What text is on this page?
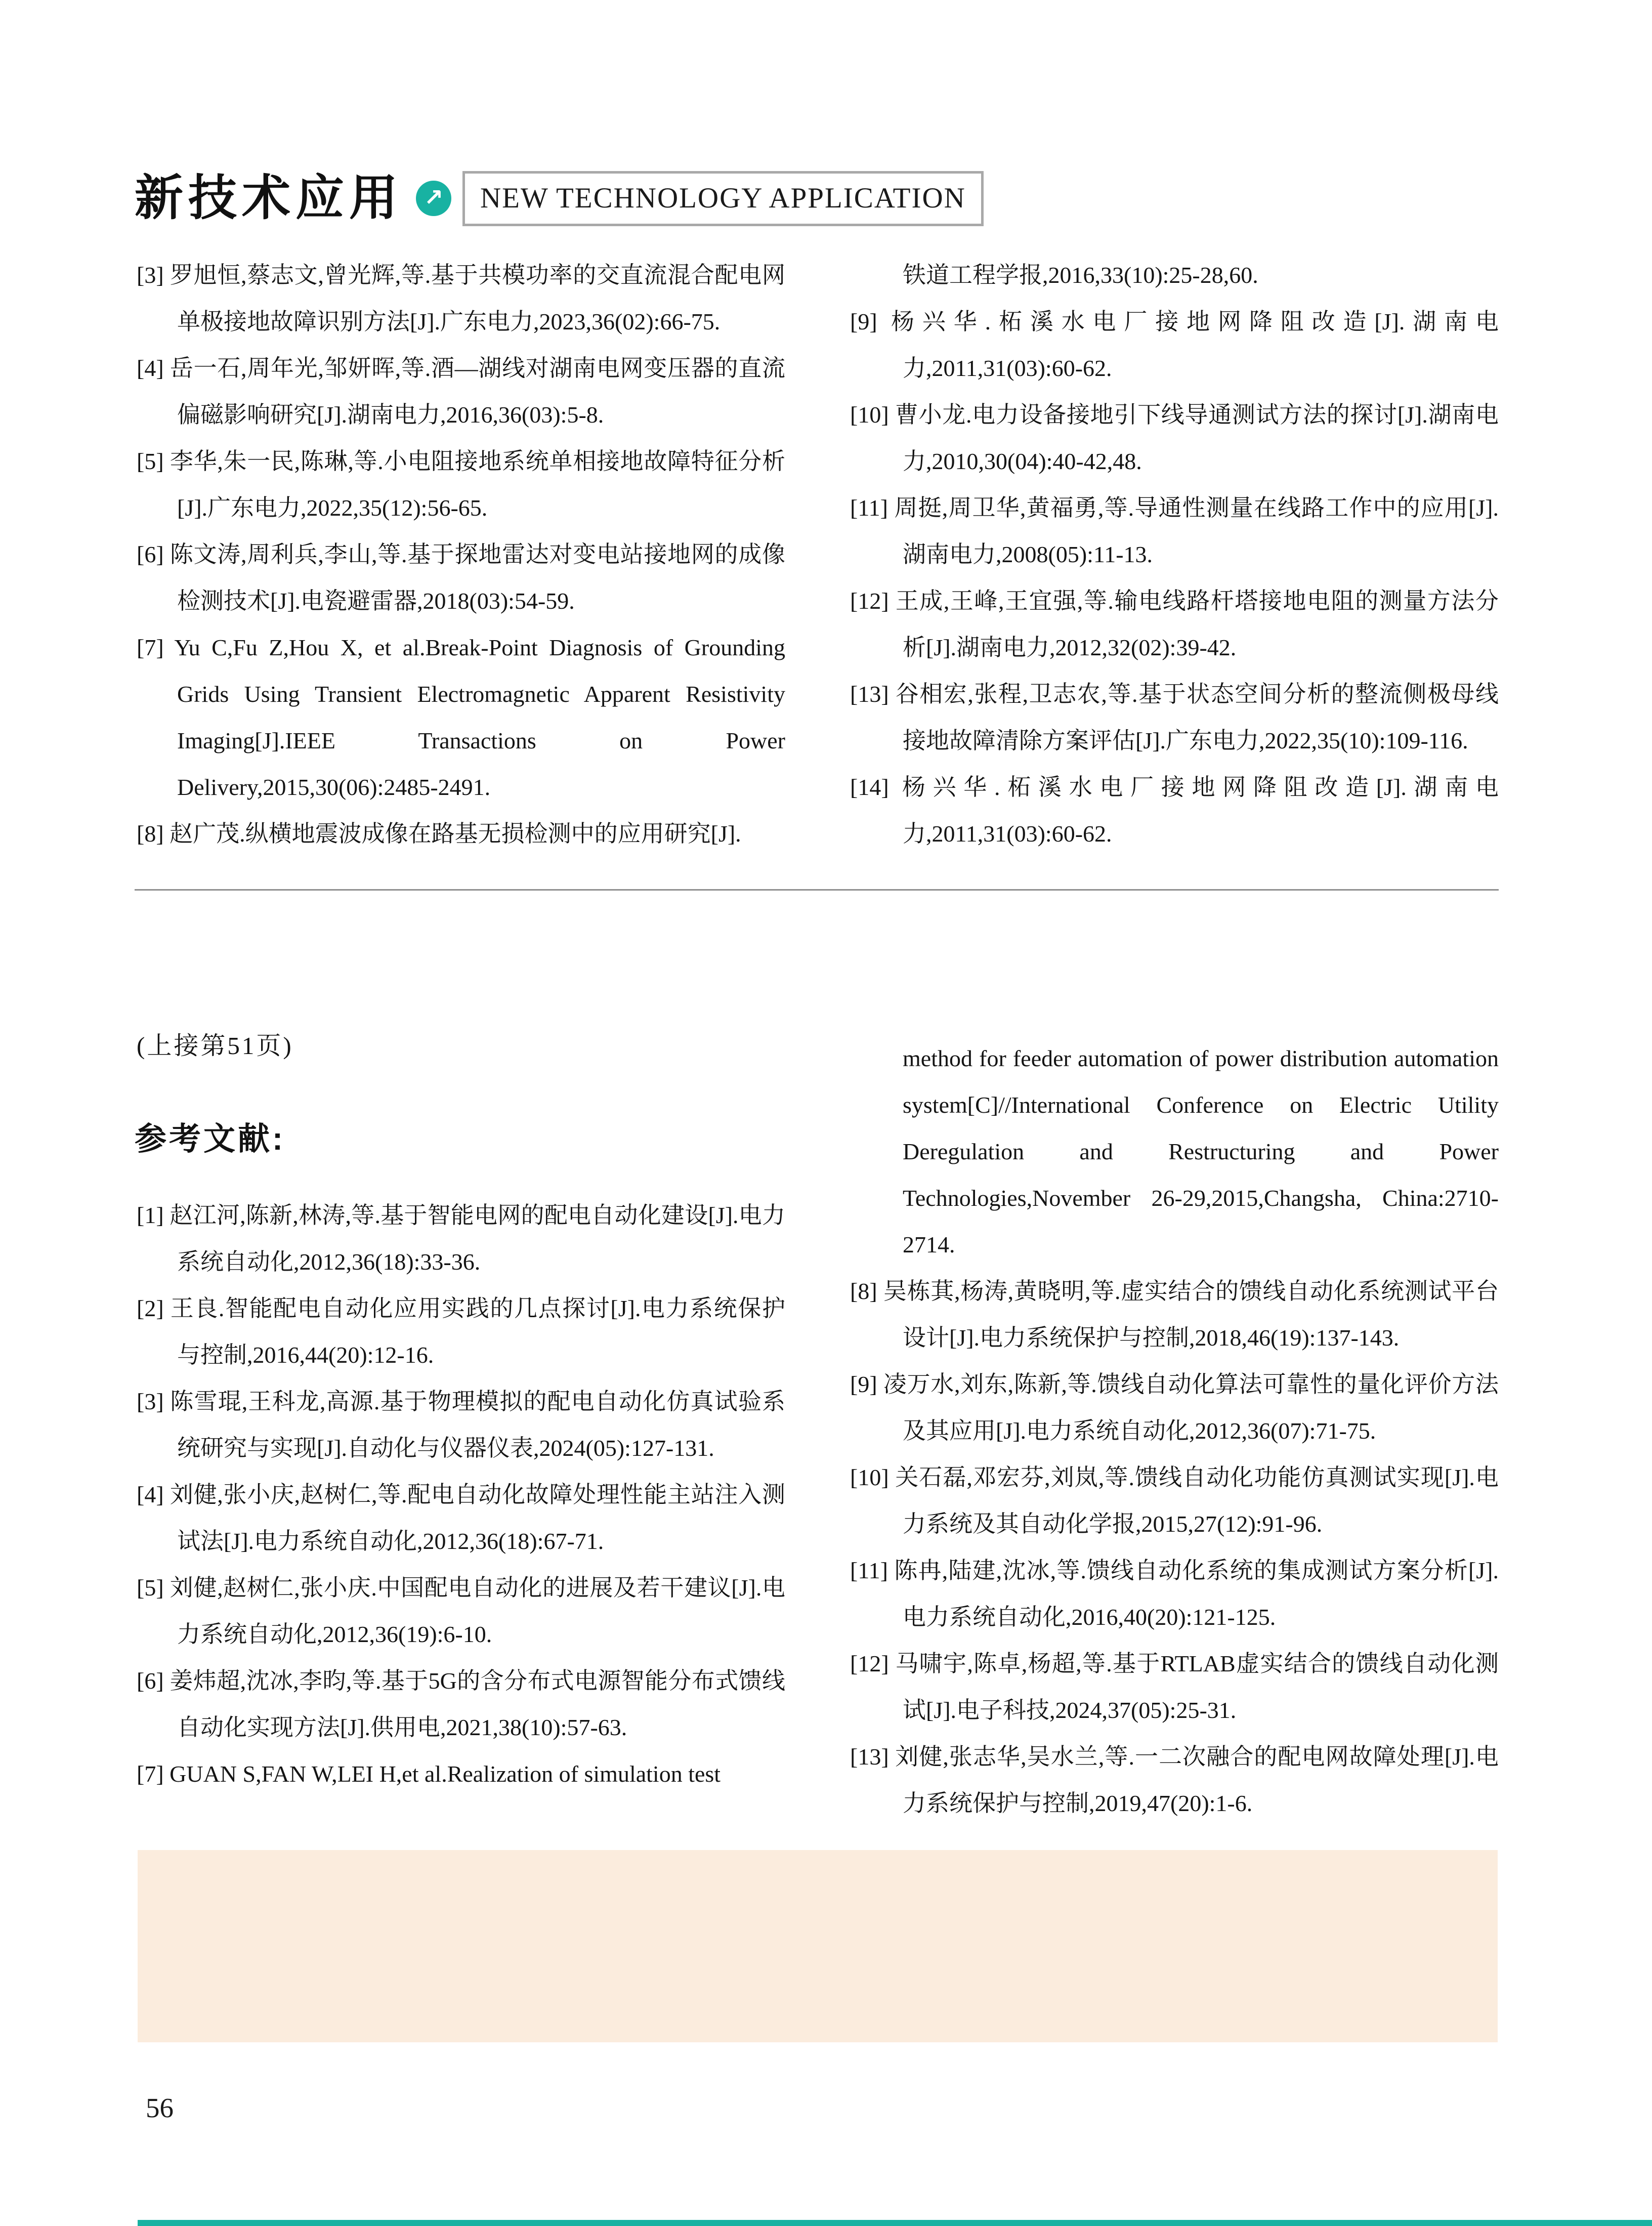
新技术应用 ↗ NEW TECHNOLOGY APPLICATION

[3] 罗旭恒,蔡志文,曾光辉,等.基于共模功率的交直流混合配电网单极接地故障识别方法[J].广东电力,2023,36(02):66-75.

[4] 岳一石,周年光,邹妍晖,等.酒—湖线对湖南电网变压器的直流偏磁影响研究[J].湖南电力,2016,36(03):5-8.

[5] 李华,朱一民,陈琳,等.小电阻接地系统单相接地故障特征分析[J].广东电力,2022,35(12):56-65.

[6] 陈文涛,周利兵,李山,等.基于探地雷达对变电站接地网的成像检测技术[J].电瓷避雷器,2018(03):54-59.

[7] Yu C,Fu Z,Hou X, et al.Break-Point Diagnosis of Grounding Grids Using Transient Electromagnetic Apparent Resistivity Imaging[J].IEEE Transactions on Power Delivery,2015,30(06):2485-2491.

[8] 赵广茂.纵横地震波成像在路基无损检测中的应用研究[J].

铁道工程学报,2016,33(10):25-28,60.

[9] 杨兴华.柘溪水电厂接地网降阻改造[J].湖南电力,2011,31(03):60-62.

[10] 曹小龙.电力设备接地引下线导通测试方法的探讨[J].湖南电力,2010,30(04):40-42,48.

[11] 周挺,周卫华,黄福勇,等.导通性测量在线路工作中的应用[J].湖南电力,2008(05):11-13.

[12] 王成,王峰,王宜强,等.输电线路杆塔接地电阻的测量方法分析[J].湖南电力,2012,32(02):39-42.

[13] 谷相宏,张程,卫志农,等.基于状态空间分析的整流侧极母线接地故障清除方案评估[J].广东电力,2022,35(10):109-116.

[14] 杨兴华.柘溪水电厂接地网降阻改造[J].湖南电力,2011,31(03):60-62.

(上接第51页)
参考文献:

[1] 赵江河,陈新,林涛,等.基于智能电网的配电自动化建设[J].电力系统自动化,2012,36(18):33-36.

[2] 王良.智能配电自动化应用实践的几点探讨[J].电力系统保护与控制,2016,44(20):12-16.

[3] 陈雪琨,王科龙,高源.基于物理模拟的配电自动化仿真试验系统研究与实现[J].自动化与仪器仪表,2024(05):127-131.

[4] 刘健,张小庆,赵树仁,等.配电自动化故障处理性能主站注入测试法[J].电力系统自动化,2012,36(18):67-71.

[5] 刘健,赵树仁,张小庆.中国配电自动化的进展及若干建议[J].电力系统自动化,2012,36(19):6-10.

[6] 姜炜超,沈冰,李昀,等.基于5G的含分布式电源智能分布式馈线自动化实现方法[J].供用电,2021,38(10):57-63.

[7] GUAN S,FAN W,LEI H,et al.Realization of simulation test

method for feeder automation of power distribution automation system[C]//International Conference on Electric Utility Deregulation and Restructuring and Power Technologies,November 26-29,2015,Changsha, China:2710-2714.

[8] 吴栋萁,杨涛,黄晓明,等.虚实结合的馈线自动化系统测试平台设计[J].电力系统保护与控制,2018,46(19):137-143.

[9] 凌万水,刘东,陈新,等.馈线自动化算法可靠性的量化评价方法及其应用[J].电力系统自动化,2012,36(07):71-75.

[10] 关石磊,邓宏芬,刘岚,等.馈线自动化功能仿真测试实现[J].电力系统及其自动化学报,2015,27(12):91-96.

[11] 陈冉,陆建,沈冰,等.馈线自动化系统的集成测试方案分析[J].电力系统自动化,2016,40(20):121-125.

[12] 马啸宇,陈卓,杨超,等.基于RTLAB虚实结合的馈线自动化测试[J].电子科技,2024,37(05):25-31.

[13] 刘健,张志华,吴水兰,等.一二次融合的配电网故障处理[J].电力系统保护与控制,2019,47(20):1-6.

56
